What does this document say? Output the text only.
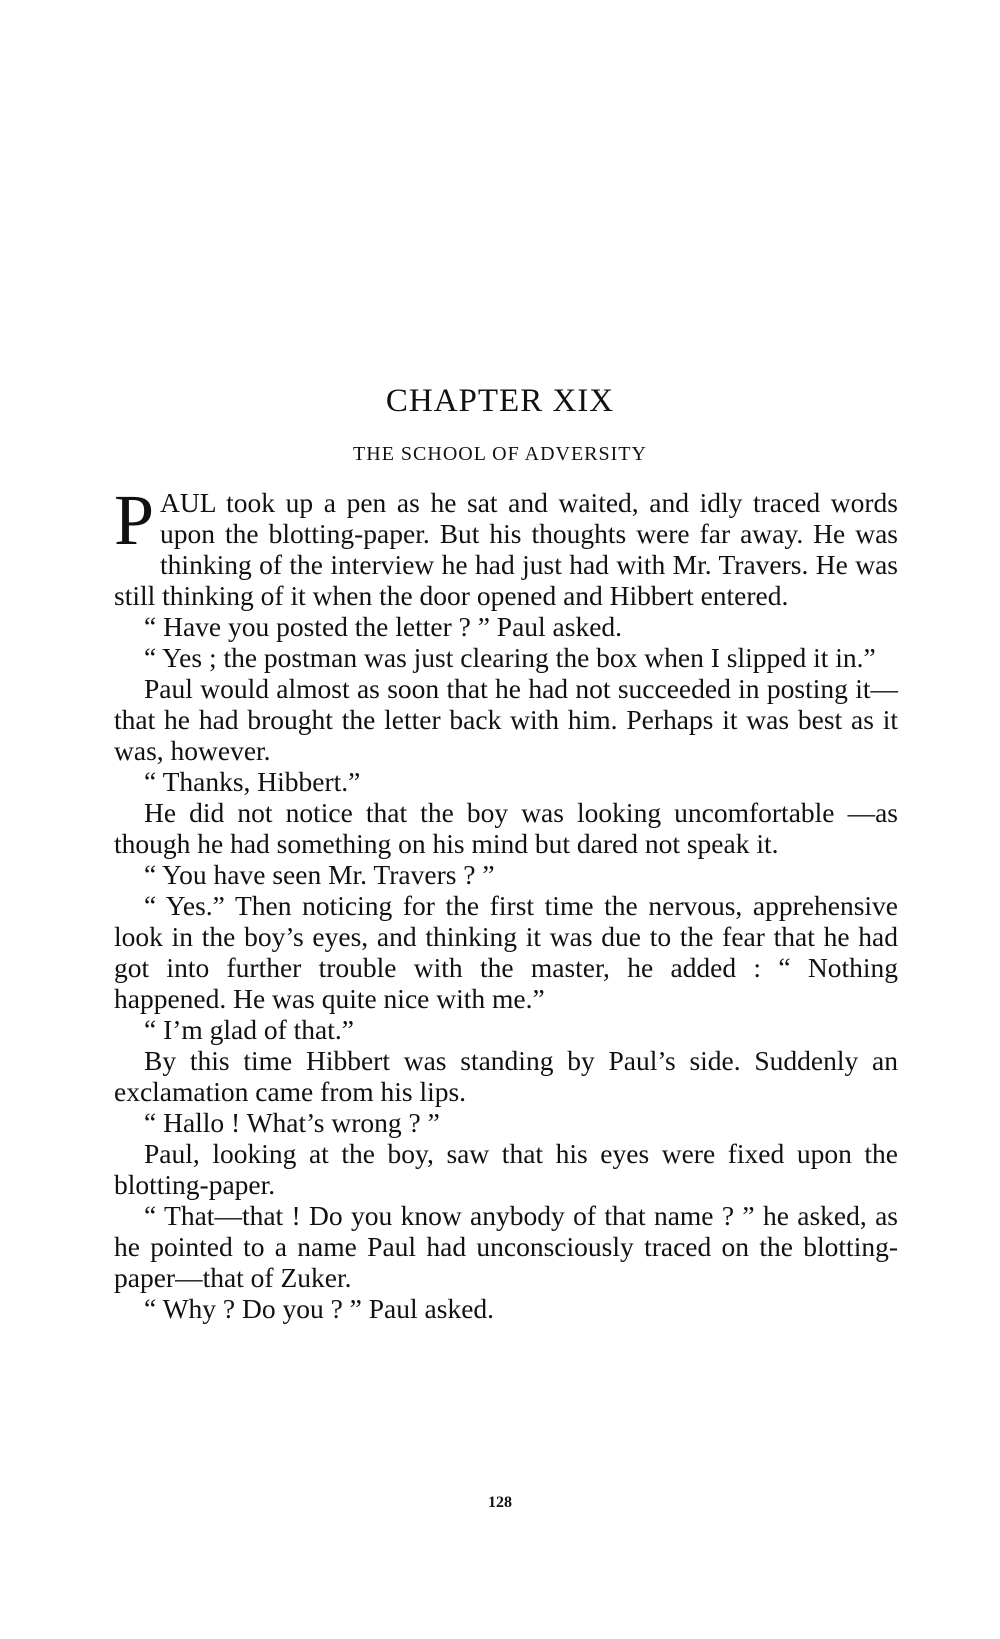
CHAPTER XIX
THE SCHOOL OF ADVERSITY

PAUL took up a pen as he sat and waited, and idly traced words upon the blotting-paper. But his thoughts were far away. He was thinking of the interview he had just had with Mr. Travers. He was still thinking of it when the door opened and Hibbert entered.

“ Have you posted the letter ? ” Paul asked.

“ Yes ; the postman was just clearing the box when I slipped it in.”

Paul would almost as soon that he had not succeeded in posting it—that he had brought the letter back with him. Perhaps it was best as it was, however.

“ Thanks, Hibbert.”

He did not notice that the boy was looking uncomfortable —as though he had something on his mind but dared not speak it.

“ You have seen Mr. Travers ? ”

“ Yes.” Then noticing for the first time the nervous, apprehensive look in the boy’s eyes, and thinking it was due to the fear that he had got into further trouble with the master, he added : “ Nothing happened. He was quite nice with me.”

“ I’m glad of that.”

By this time Hibbert was standing by Paul’s side. Suddenly an exclamation came from his lips.

“ Hallo ! What’s wrong ? ”

Paul, looking at the boy, saw that his eyes were fixed upon the blotting-paper.

“ That—that ! Do you know anybody of that name ? ” he asked, as he pointed to a name Paul had unconsciously traced on the blotting-paper—that of Zuker.

“ Why ? Do you ? ” Paul asked.

128
